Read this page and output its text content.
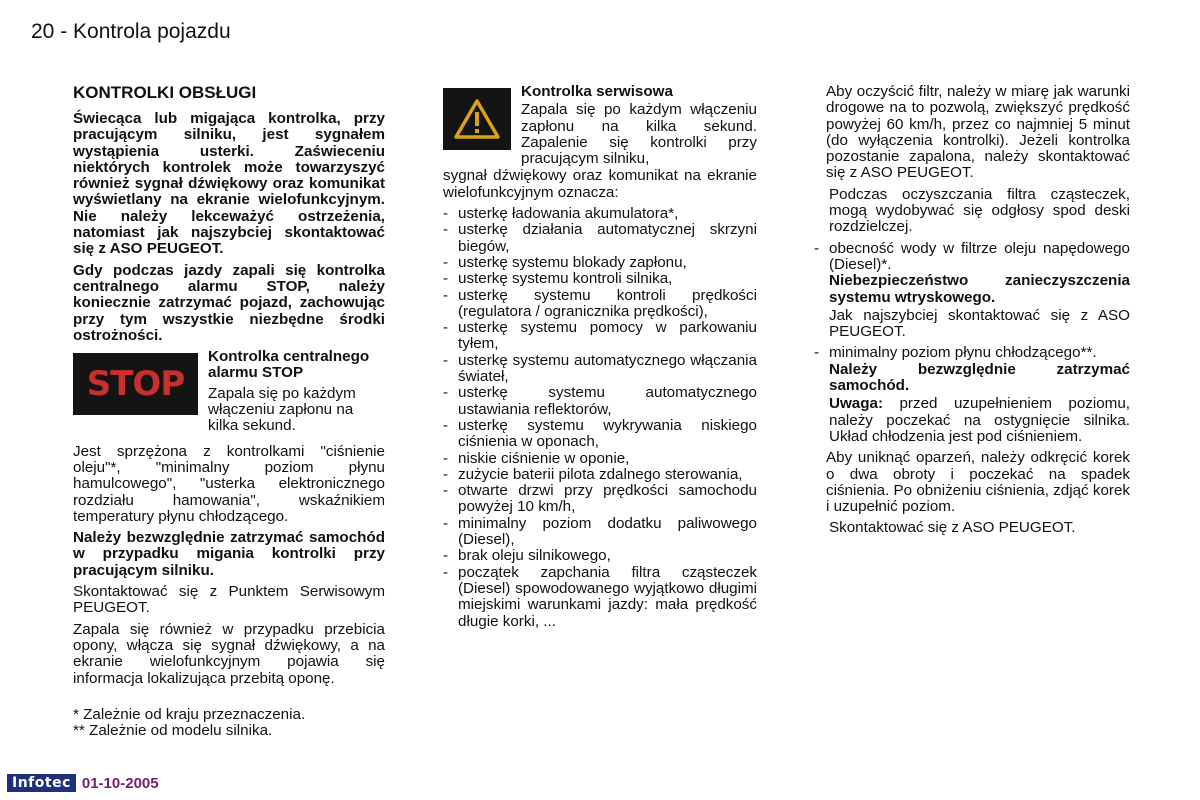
20 - Kontrola pojazdu
KONTROLKI OBSŁUGI

Świecąca lub migająca kontrolka, przy pracującym silniku, jest sygnałem wystąpienia usterki. Zaświeceniu niektórych kontrolek może towarzyszyć również sygnał dźwiękowy oraz komunikat wyświetlany na ekranie wielofunkcyjnym. Nie należy lekceważyć ostrzeżenia, natomiast jak najszybciej skontaktować się z ASO PEUGEOT.

Gdy podczas jazdy zapali się kontrolka centralnego alarmu STOP, należy koniecznie zatrzymać pojazd, zachowując przy tym wszystkie niezbędne środki ostrożności.

STOP

Kontrolka centralnego alarmu STOP

Zapala się po każdym włączeniu zapłonu na kilka sekund.

Jest sprzężona z kontrolkami "ciśnienie oleju"*, "minimalny poziom płynu hamulcowego", "usterka elektronicznego rozdziału hamowania", wskaźnikiem temperatury płynu chłodzącego.

Należy bezwzględnie zatrzymać samochód w przypadku migania kontrolki przy pracującym silniku.

Skontaktować się z Punktem Serwisowym PEUGEOT.

Zapala się również w przypadku przebicia opony, włącza się sygnał dźwiękowy, a na ekranie wielofunkcyjnym pojawia się informacja lokalizująca przebitą oponę.

* Zależnie od kraju przeznaczenia.
** Zależnie od modelu silnika.

Kontrolka serwisowa

Zapala się po każdym włączeniu zapłonu na kilka sekund. Zapalenie się kontrolki przy pracującym silniku,

sygnał dźwiękowy oraz komunikat na ekranie wielofunkcyjnym oznacza:

- usterkę ładowania akumulatora*,
- usterkę działania automatycznej skrzyni biegów,
- usterkę systemu blokady zapłonu,
- usterkę systemu kontroli silnika,
- usterkę systemu kontroli prędkości (regulatora / ogranicznika prędkości),
- usterkę systemu pomocy w parkowaniu tyłem,
- usterkę systemu automatycznego włączania świateł,
- usterkę systemu automatycznego ustawiania reflektorów,
- usterkę systemu wykrywania niskiego ciśnienia w oponach,
- niskie ciśnienie w oponie,
- zużycie baterii pilota zdalnego sterowania,
- otwarte drzwi przy prędkości samochodu powyżej 10 km/h,
- minimalny poziom dodatku paliwowego (Diesel),
- brak oleju silnikowego,
- początek zapchania filtra cząsteczek (Diesel) spowodowanego wyjątkowo długimi miejskimi warunkami jazdy: mała prędkość długie korki, ...

Aby oczyścić filtr, należy w miarę jak warunki drogowe na to pozwolą, zwiększyć prędkość powyżej 60 km/h, przez co najmniej 5 minut (do wyłączenia kontrolki). Jeżeli kontrolka pozostanie zapalona, należy skontaktować się z ASO PEUGEOT.

Podczas oczyszczania filtra cząsteczek, mogą wydobywać się odgłosy spod deski rozdzielczej.

- obecność wody w filtrze oleju napędowego (Diesel)*.

Niebezpieczeństwo zanieczyszczenia systemu wtryskowego.

Jak najszybciej skontaktować się z ASO PEUGEOT.

- minimalny poziom płynu chłodzącego**.

Należy bezwzględnie zatrzymać samochód.

Uwaga: przed uzupełnieniem poziomu, należy poczekać na ostygnięcie silnika. Układ chłodzenia jest pod ciśnieniem.

Aby uniknąć oparzeń, należy odkręcić korek o dwa obroty i poczekać na spadek ciśnienia. Po obniżeniu ciśnienia, zdjąć korek i uzupełnić poziom.

Skontaktować się z ASO PEUGEOT.

Infotec 01-10-2005
